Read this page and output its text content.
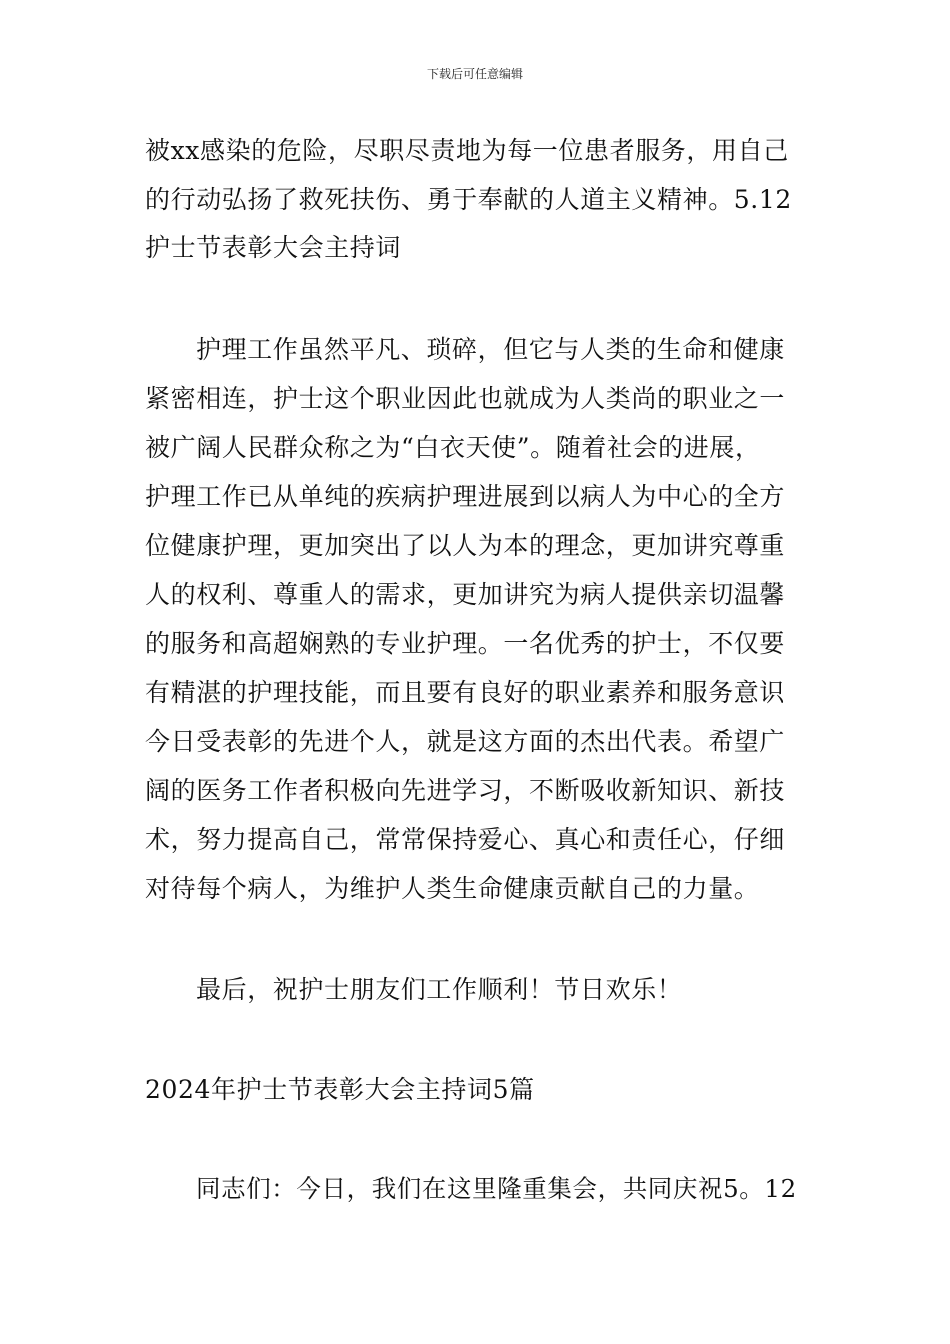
下载后可任意编辑
被xx感染的危险，尽职尽责地为每一位患者服务，用自己
的行动弘扬了救死扶伤、勇于奉献的人道主义精神。5.12
护士节表彰大会主持词
护理工作虽然平凡、琐碎，但它与人类的生命和健康
紧密相连，护士这个职业因此也就成为人类尚的职业之一
被广阔人民群众称之为“白衣天使”。随着社会的进展，
护理工作已从单纯的疾病护理进展到以病人为中心的全方
位健康护理，更加突出了以人为本的理念，更加讲究尊重
人的权利、尊重人的需求，更加讲究为病人提供亲切温馨
的服务和高超娴熟的专业护理。一名优秀的护士，不仅要
有精湛的护理技能，而且要有良好的职业素养和服务意识
今日受表彰的先进个人，就是这方面的杰出代表。希望广
阔的医务工作者积极向先进学习，不断吸收新知识、新技
术，努力提高自己，常常保持爱心、真心和责任心，仔细
对待每个病人，为维护人类生命健康贡献自己的力量。
最后，祝护士朋友们工作顺利！节日欢乐！
2024年护士节表彰大会主持词5篇
同志们：今日，我们在这里隆重集会，共同庆祝5。12
